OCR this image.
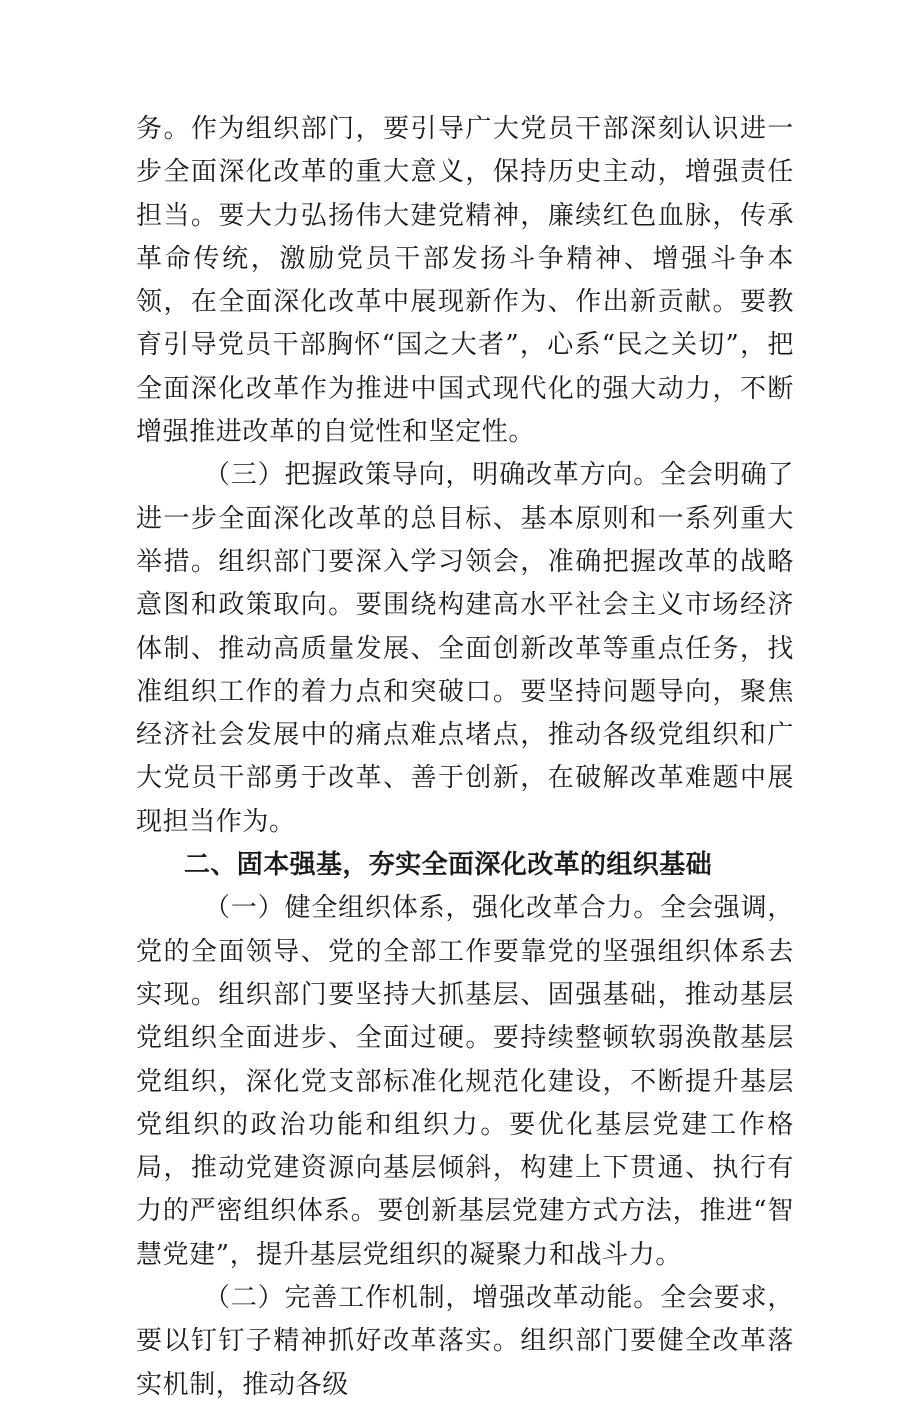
务。作为组织部门，要引导广大党员干部深刻认识进一步全面深化改革的重大意义，保持历史主动，增强责任担当。要大力弘扬伟大建党精神，廉续红色血脉，传承革命传统，激励党员干部发扬斗争精神、增强斗争本领，在全面深化改革中展现新作为、作出新贡献。要教育引导党员干部胸怀“国之大者”，心系“民之关切”，把全面深化改革作为推进中国式现代化的强大动力，不断增强推进改革的自觉性和坚定性。

（三）把握政策导向，明确改革方向。全会明确了进一步全面深化改革的总目标、基本原则和一系列重大举措。组织部门要深入学习领会，准确把握改革的战略意图和政策取向。要围绕构建高水平社会主义市场经济体制、推动高质量发展、全面创新改革等重点任务，找准组织工作的着力点和突破口。要坚持问题导向，聚焦经济社会发展中的痛点难点堵点，推动各级党组织和广大党员干部勇于改革、善于创新，在破解改革难题中展现担当作为。

二、固本强基，夯实全面深化改革的组织基础

（一）健全组织体系，强化改革合力。全会强调，党的全面领导、党的全部工作要靠党的坚强组织体系去实现。组织部门要坚持大抓基层、固强基础，推动基层党组织全面进步、全面过硬。要持续整顿软弱涣散基层党组织，深化党支部标准化规范化建设，不断提升基层党组织的政治功能和组织力。要优化基层党建工作格局，推动党建资源向基层倾斜，构建上下贯通、执行有力的严密组织体系。要创新基层党建方式方法，推进“智慧党建”，提升基层党组织的凝聚力和战斗力。

（二）完善工作机制，增强改革动能。全会要求，要以钉钉子精神抓好改革落实。组织部门要健全改革落实机制，推动各级
